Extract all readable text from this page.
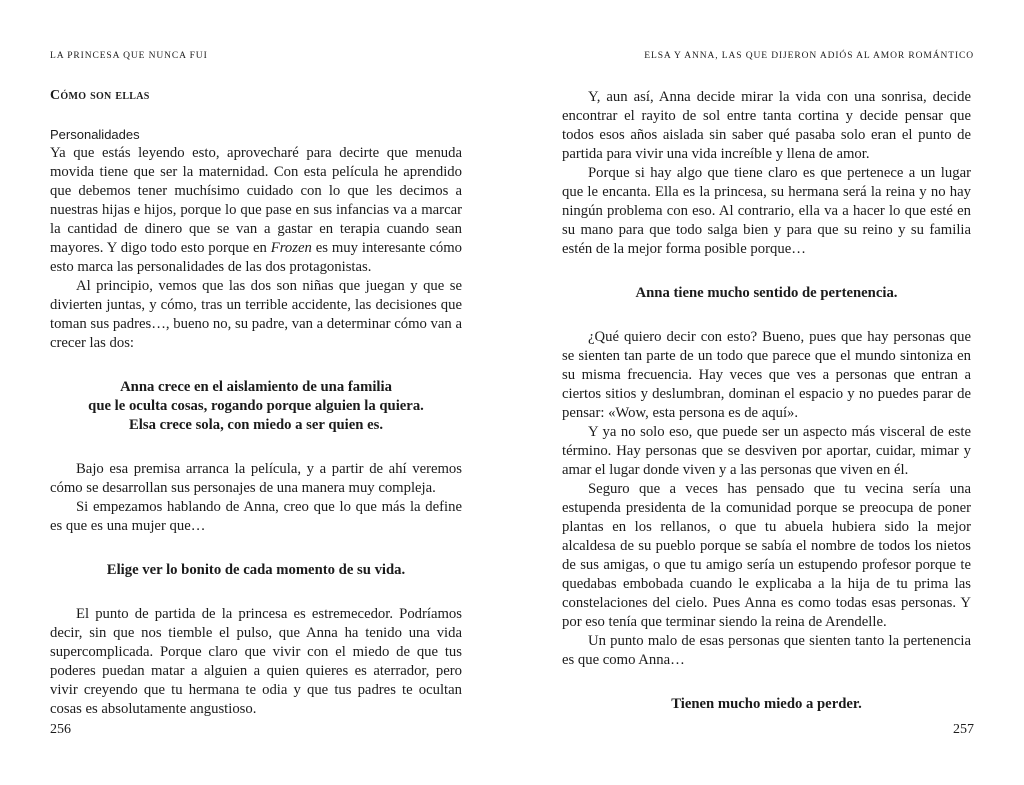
LA PRINCESA QUE NUNCA FUI
Cómo son ellas
Personalidades

Ya que estás leyendo esto, aprovecharé para decirte que menuda movida tiene que ser la maternidad. Con esta película he aprendido que debemos tener muchísimo cuidado con lo que les decimos a nuestras hijas e hijos, porque lo que pase en sus infancias va a marcar la cantidad de dinero que se van a gastar en terapia cuando sean mayores. Y digo todo esto porque en Frozen es muy interesante cómo esto marca las personalidades de las dos protagonistas.

Al principio, vemos que las dos son niñas que juegan y que se divierten juntas, y cómo, tras un terrible accidente, las decisiones que toman sus padres…, bueno no, su padre, van a determinar cómo van a crecer las dos:

Anna crece en el aislamiento de una familia
que le oculta cosas, rogando porque alguien la quiera.
Elsa crece sola, con miedo a ser quien es.

Bajo esa premisa arranca la película, y a partir de ahí veremos cómo se desarrollan sus personajes de una manera muy compleja.

Si empezamos hablando de Anna, creo que lo que más la define es que es una mujer que…

Elige ver lo bonito de cada momento de su vida.

El punto de partida de la princesa es estremecedor. Podríamos decir, sin que nos tiemble el pulso, que Anna ha tenido una vida supercomplicada. Porque claro que vivir con el miedo de que tus poderes puedan matar a alguien a quien quieres es aterrador, pero vivir creyendo que tu hermana te odia y que tus padres te ocultan cosas es absolutamente angustioso.

256
ELSA Y ANNA, LAS QUE DIJERON ADIÓS AL AMOR ROMÁNTICO

Y, aun así, Anna decide mirar la vida con una sonrisa, decide encontrar el rayito de sol entre tanta cortina y decide pensar que todos esos años aislada sin saber qué pasaba solo eran el punto de partida para vivir una vida increíble y llena de amor.

Porque si hay algo que tiene claro es que pertenece a un lugar que le encanta. Ella es la princesa, su hermana será la reina y no hay ningún problema con eso. Al contrario, ella va a hacer lo que esté en su mano para que todo salga bien y para que su reino y su familia estén de la mejor forma posible porque…

Anna tiene mucho sentido de pertenencia.

¿Qué quiero decir con esto? Bueno, pues que hay personas que se sienten tan parte de un todo que parece que el mundo sintoniza en su misma frecuencia. Hay veces que ves a personas que entran a ciertos sitios y deslumbran, dominan el espacio y no puedes parar de pensar: «Wow, esta persona es de aquí».

Y ya no solo eso, que puede ser un aspecto más visceral de este término. Hay personas que se desviven por aportar, cuidar, mimar y amar el lugar donde viven y a las personas que viven en él.

Seguro que a veces has pensado que tu vecina sería una estupenda presidenta de la comunidad porque se preocupa de poner plantas en los rellanos, o que tu abuela hubiera sido la mejor alcaldesa de su pueblo porque se sabía el nombre de todos los nietos de sus amigas, o que tu amigo sería un estupendo profesor porque te quedabas embobada cuando le explicaba a la hija de tu prima las constelaciones del cielo. Pues Anna es como todas esas personas. Y por eso tenía que terminar siendo la reina de Arendelle.

Un punto malo de esas personas que sienten tanto la pertenencia es que como Anna…

Tienen mucho miedo a perder.
257
